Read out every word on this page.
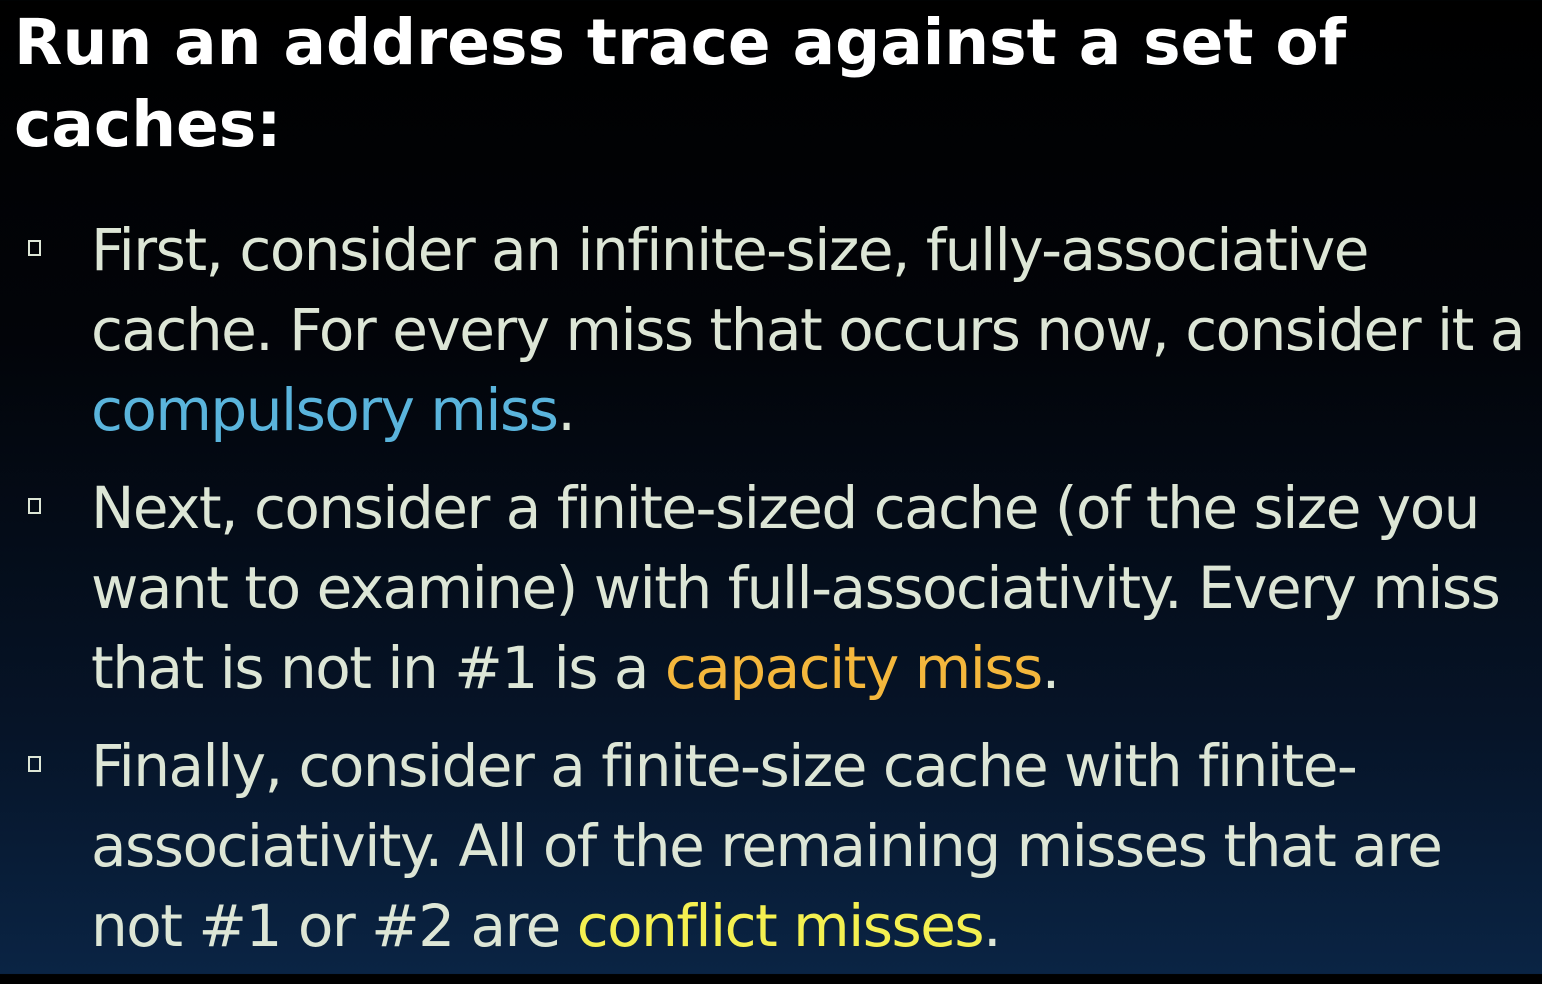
Run an address trace against a set of caches:
First, consider an infinite-size, fully-associative
cache. For every miss that occurs now, consider it a
compulsory miss.
Next, consider a finite-sized cache (of the size you
want to examine) with full-associativity. Every miss
that is not in #1 is a capacity miss.
Finally, consider a finite-size cache with finite-
associativity. All of the remaining misses that are
not #1 or #2 are conflict misses.
